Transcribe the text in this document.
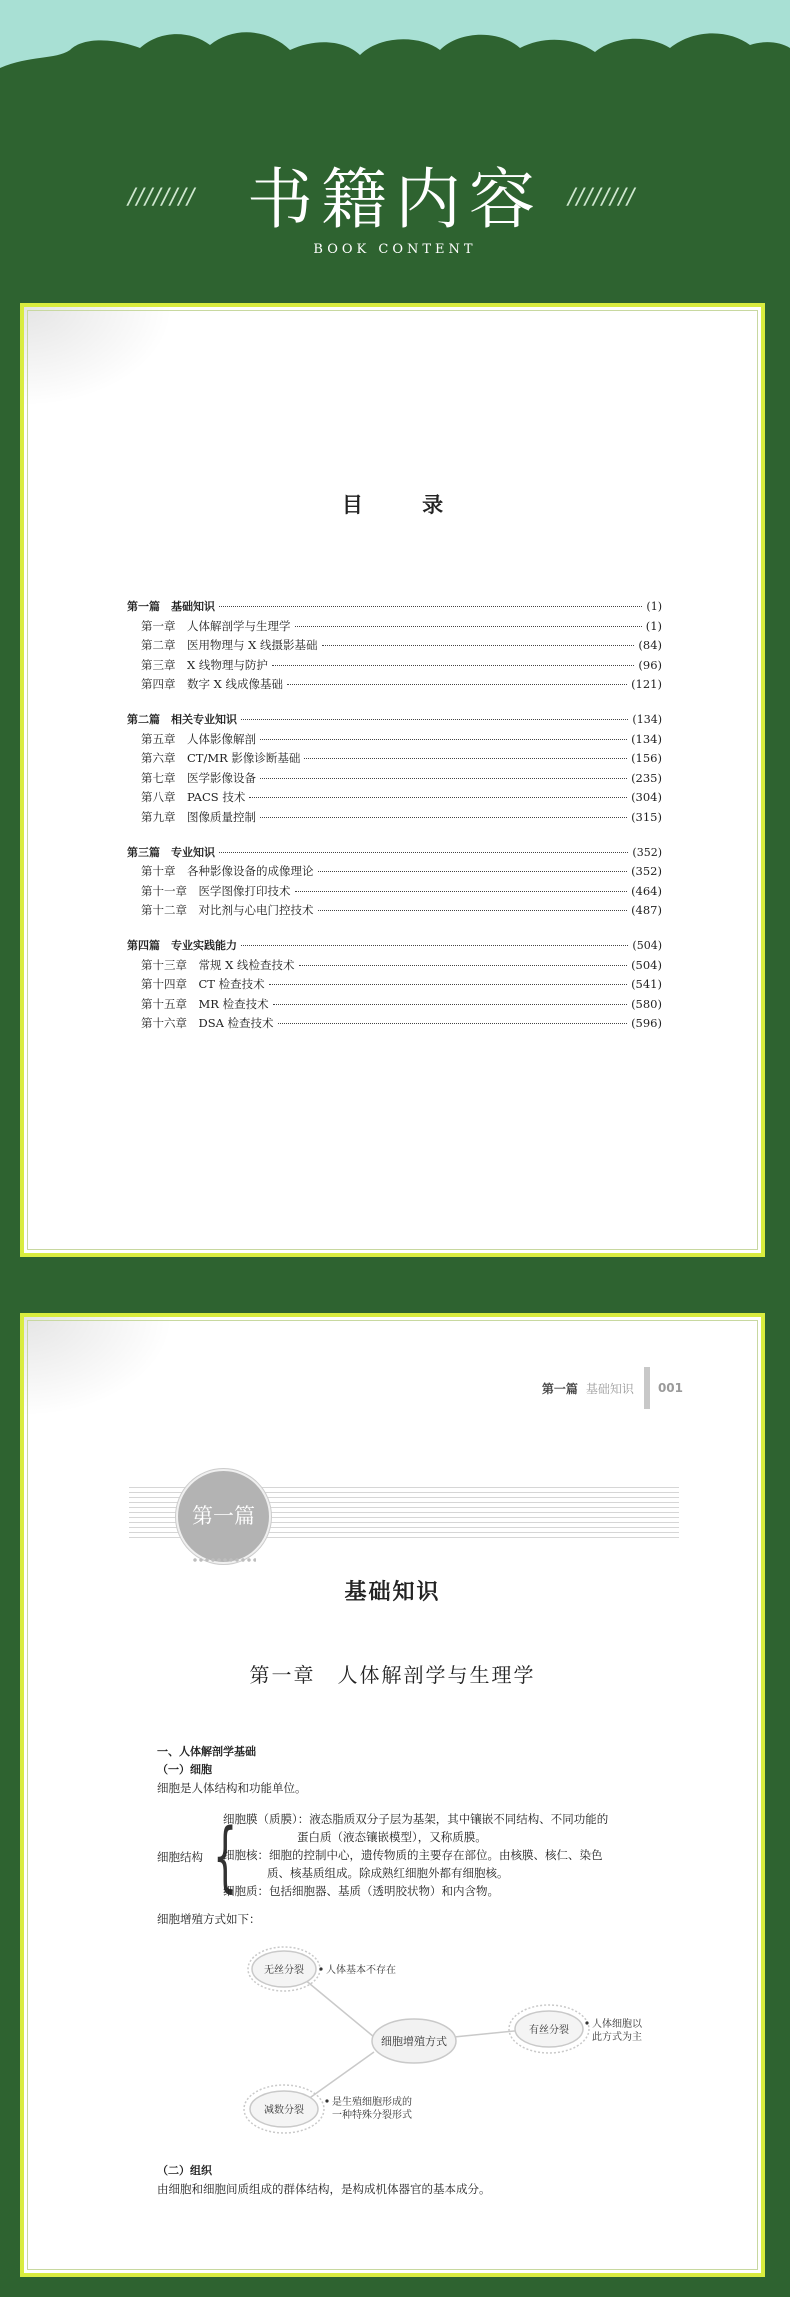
////////	////////
书籍内容
BOOK CONTENT
目 录
第一篇　基础知识	(1)
第一章　人体解剖学与生理学	(1)
第二章　医用物理与 X 线摄影基础	(84)
第三章　X 线物理与防护	(96)
第四章　数字 X 线成像基础	(121)
第二篇　相关专业知识	(134)
第五章　人体影像解剖	(134)
第六章　CT/MR 影像诊断基础	(156)
第七章　医学影像设备	(235)
第八章　PACS 技术	(304)
第九章　图像质量控制	(315)
第三篇　专业知识	(352)
第十章　各种影像设备的成像理论	(352)
第十一章　医学图像打印技术	(464)
第十二章　对比剂与心电门控技术	(487)
第四篇　专业实践能力	(504)
第十三章　常规 X 线检查技术	(504)
第十四章　CT 检查技术	(541)
第十五章　MR 检查技术	(580)
第十六章　DSA 检查技术	(596)
第一篇 基础知识 001
第一篇
基础知识
第一章　人体解剖学与生理学
一、人体解剖学基础
（一）细胞
细胞是人体结构和功能单位。
细胞结构 {
细胞膜（质膜）：液态脂质双分子层为基架，其中镶嵌不同结构、不同功能的
蛋白质（液态镶嵌模型），又称质膜。
细胞核：细胞的控制中心，遗传物质的主要存在部位。由核膜、核仁、染色
质、核基质组成。除成熟红细胞外都有细胞核。
细胞质：包括细胞器、基质（透明胶状物）和内含物。
细胞增殖方式如下：
细胞增殖方式
无丝分裂
有丝分裂
减数分裂
人体基本不存在
人体细胞以
此方式为主
是生殖细胞形成的
一种特殊分裂形式
（二）组织
由细胞和细胞间质组成的群体结构，是构成机体器官的基本成分。
